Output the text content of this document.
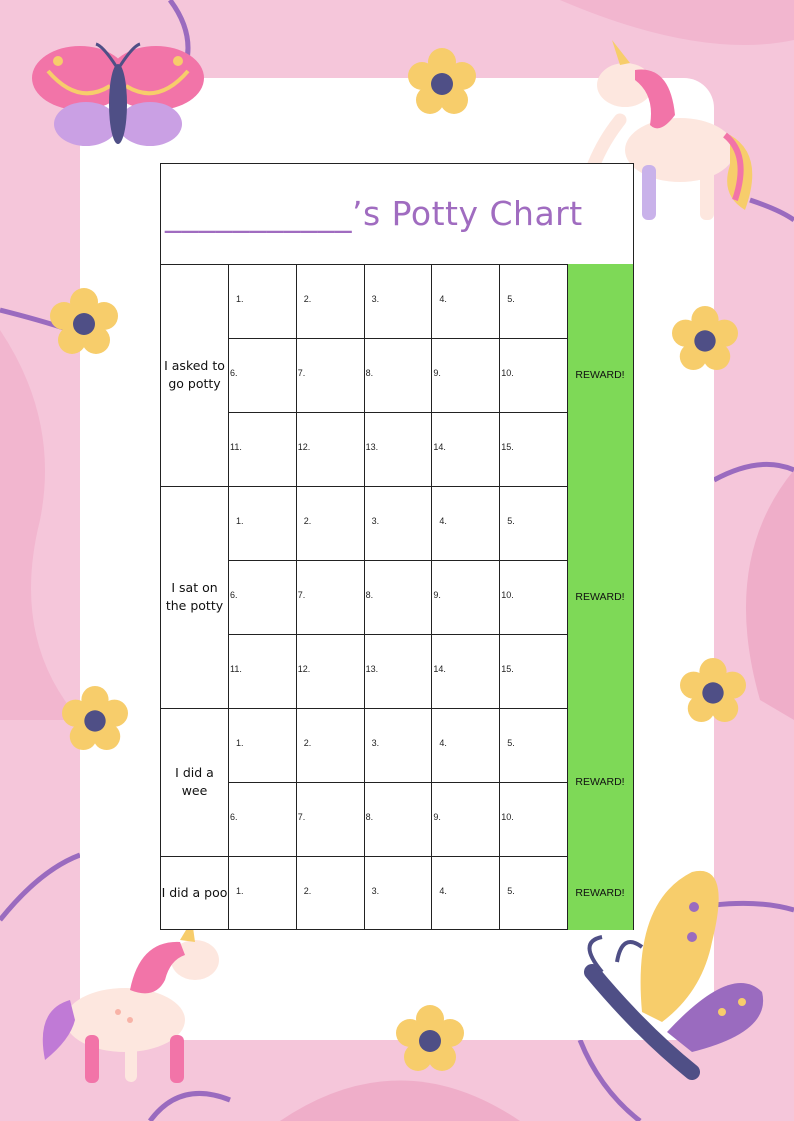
___________’s Potty Chart
I asked to go potty
REWARD!
1.	2.	3.	4.	5.
6.	7.	8.	9.	10.
11.	12.	13.	14.	15.
I sat on the potty
REWARD!
1.	2.	3.	4.	5.
6.	7.	8.	9.	10.
11.	12.	13.	14.	15.
I did a wee
REWARD!
1.	2.	3.	4.	5.
6.	7.	8.	9.	10.
I did a poo	REWARD!
1.	2.	3.	4.	5.
